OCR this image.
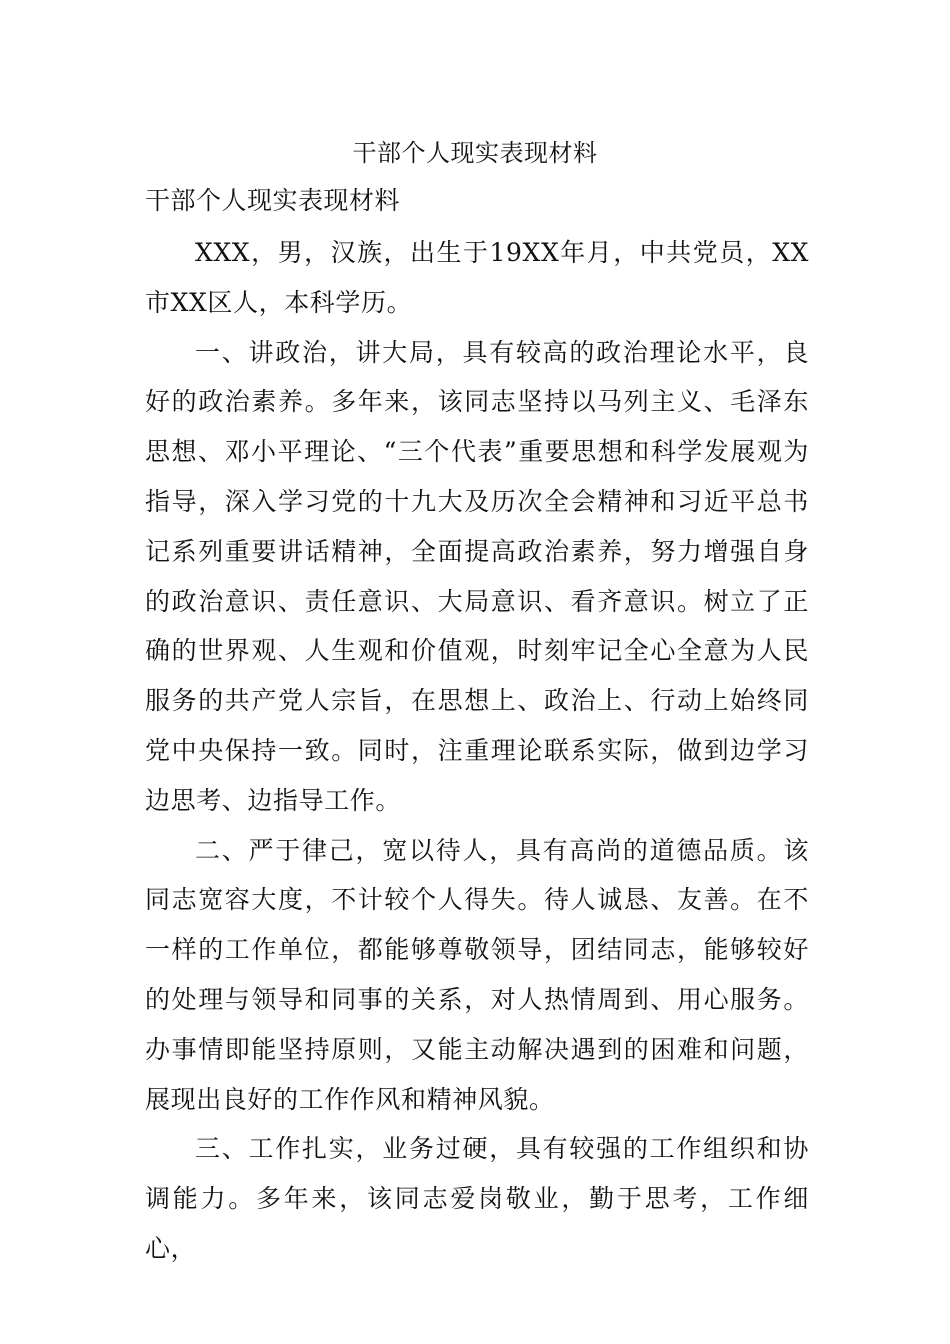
干部个人现实表现材料
干部个人现实表现材料

XXX，男，汉族，出生于19XX年月，中共党员，XX市XX区人，本科学历。

一、讲政治，讲大局，具有较高的政治理论水平，良好的政治素养。多年来，该同志坚持以马列主义、毛泽东思想、邓小平理论、“三个代表”重要思想和科学发展观为指导，深入学习党的十九大及历次全会精神和习近平总书记系列重要讲话精神，全面提高政治素养，努力增强自身的政治意识、责任意识、大局意识、看齐意识。树立了正确的世界观、人生观和价值观，时刻牢记全心全意为人民服务的共产党人宗旨，在思想上、政治上、行动上始终同党中央保持一致。同时，注重理论联系实际，做到边学习边思考、边指导工作。

二、严于律己，宽以待人，具有高尚的道德品质。该同志宽容大度，不计较个人得失。待人诚恳、友善。在不一样的工作单位，都能够尊敬领导，团结同志，能够较好的处理与领导和同事的关系，对人热情周到、用心服务。办事情即能坚持原则，又能主动解决遇到的困难和问题，展现出良好的工作作风和精神风貌。

三、工作扎实，业务过硬，具有较强的工作组织和协调能力。多年来，该同志爱岗敬业，勤于思考，工作细心，
